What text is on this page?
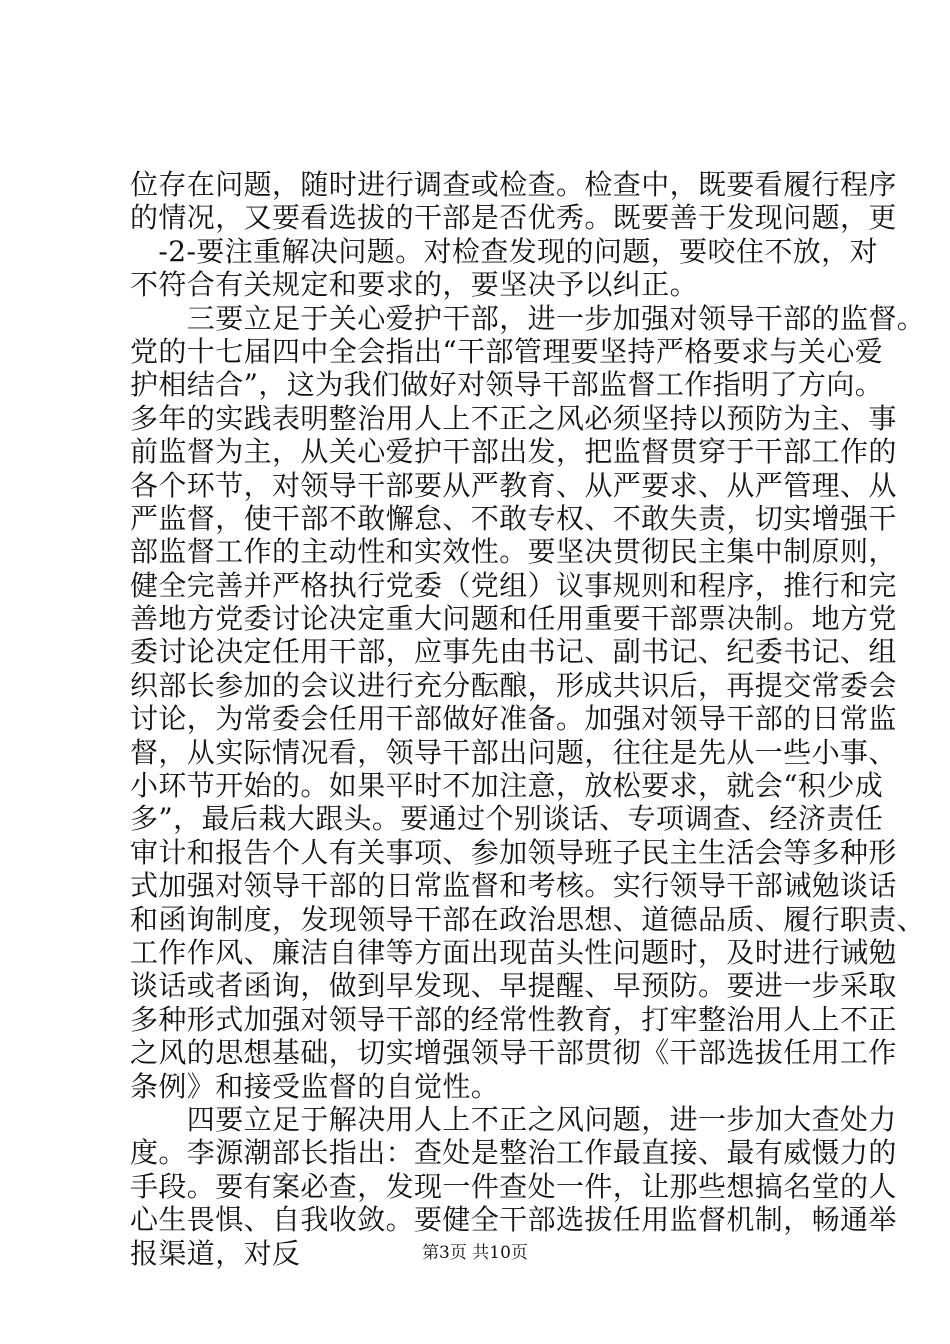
位存在问题，随时进行调查或检查。检查中，既要看履行程序
的情况，又要看选拔的干部是否优秀。既要善于发现问题，更
　-2-要注重解决问题。对检查发现的问题，要咬住不放，对
不符合有关规定和要求的，要坚决予以纠正。
　　三要立足于关心爱护干部，进一步加强对领导干部的监督。
党的十七届四中全会指出“干部管理要坚持严格要求与关心爱
护相结合”，这为我们做好对领导干部监督工作指明了方向。
多年的实践表明整治用人上不正之风必须坚持以预防为主、事
前监督为主，从关心爱护干部出发，把监督贯穿于干部工作的
各个环节，对领导干部要从严教育、从严要求、从严管理、从
严监督，使干部不敢懈怠、不敢专权、不敢失责，切实增强干
部监督工作的主动性和实效性。要坚决贯彻民主集中制原则，
健全完善并严格执行党委（党组）议事规则和程序，推行和完
善地方党委讨论决定重大问题和任用重要干部票决制。地方党
委讨论决定任用干部，应事先由书记、副书记、纪委书记、组
织部长参加的会议进行充分酝酿，形成共识后，再提交常委会
讨论，为常委会任用干部做好准备。加强对领导干部的日常监
督，从实际情况看，领导干部出问题，往往是先从一些小事、
小环节开始的。如果平时不加注意，放松要求，就会“积少成
多”，最后栽大跟头。要通过个别谈话、专项调查、经济责任
审计和报告个人有关事项、参加领导班子民主生活会等多种形
式加强对领导干部的日常监督和考核。实行领导干部诫勉谈话
和函询制度，发现领导干部在政治思想、道德品质、履行职责、
工作作风、廉洁自律等方面出现苗头性问题时，及时进行诫勉
谈话或者函询，做到早发现、早提醒、早预防。要进一步采取
多种形式加强对领导干部的经常性教育，打牢整治用人上不正
之风的思想基础，切实增强领导干部贯彻《干部选拔任用工作
条例》和接受监督的自觉性。
　　四要立足于解决用人上不正之风问题，进一步加大查处力
度。李源潮部长指出：查处是整治工作最直接、最有威慑力的
手段。要有案必查，发现一件查处一件，让那些想搞名堂的人
心生畏惧、自我收敛。要健全干部选拔任用监督机制，畅通举
报渠道，对反	第3页 共10页
